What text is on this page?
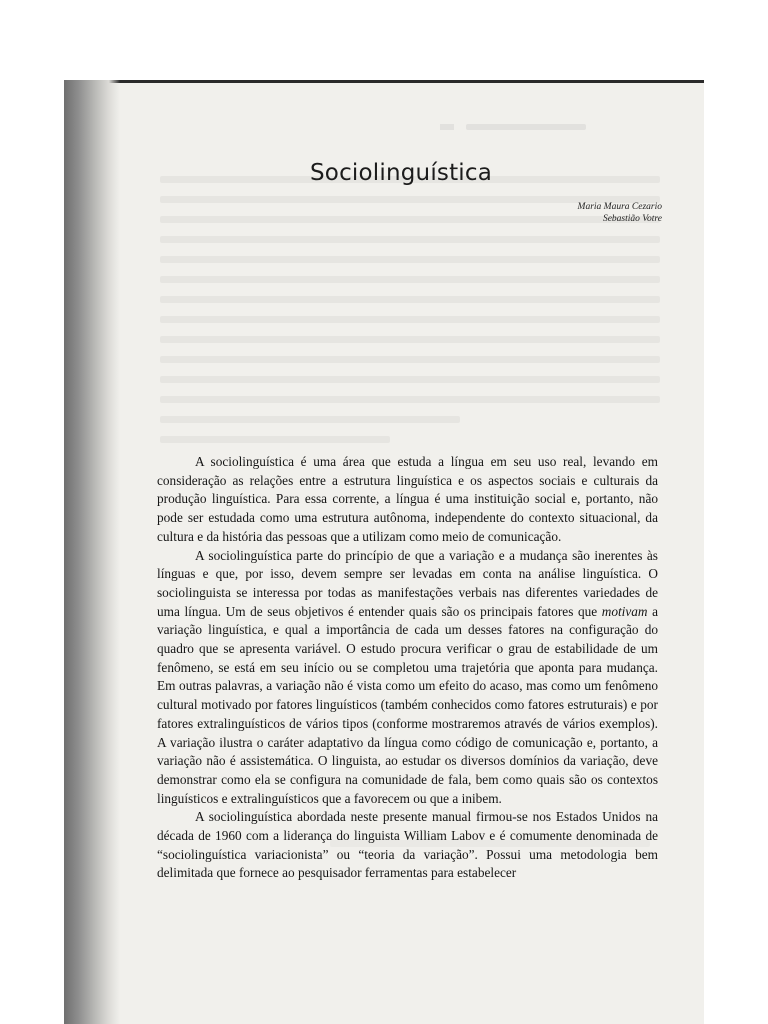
Sociolinguística
Maria Maura Cezario
Sebastião Votre

A sociolinguística é uma área que estuda a língua em seu uso real, levando em consideração as relações entre a estrutura linguística e os aspectos sociais e culturais da produção linguística. Para essa corrente, a língua é uma instituição social e, portanto, não pode ser estudada como uma estrutura autônoma, independente do contexto situacional, da cultura e da história das pessoas que a utilizam como meio de comunicação.

A sociolinguística parte do princípio de que a variação e a mudança são inerentes às línguas e que, por isso, devem sempre ser levadas em conta na análise linguística. O sociolinguista se interessa por todas as manifestações verbais nas diferentes variedades de uma língua. Um de seus objetivos é entender quais são os principais fatores que motivam a variação linguística, e qual a importância de cada um desses fatores na configuração do quadro que se apresenta variável. O estudo procura verificar o grau de estabilidade de um fenômeno, se está em seu início ou se completou uma trajetória que aponta para mudança. Em outras palavras, a variação não é vista como um efeito do acaso, mas como um fenômeno cultural motivado por fatores linguísticos (também conhecidos como fatores estruturais) e por fatores extralinguísticos de vários tipos (conforme mostraremos através de vários exemplos). A variação ilustra o caráter adaptativo da língua como código de comunicação e, portanto, a variação não é assistemática. O linguista, ao estudar os diversos domínios da variação, deve demonstrar como ela se configura na comunidade de fala, bem como quais são os contextos linguísticos e extralinguísticos que a favorecem ou que a inibem.

A sociolinguística abordada neste presente manual firmou-se nos Estados Unidos na década de 1960 com a liderança do linguista William Labov e é comumente denominada de “sociolinguística variacionista” ou “teoria da variação”. Possui uma metodologia bem delimitada que fornece ao pesquisador ferramentas para estabelecer
